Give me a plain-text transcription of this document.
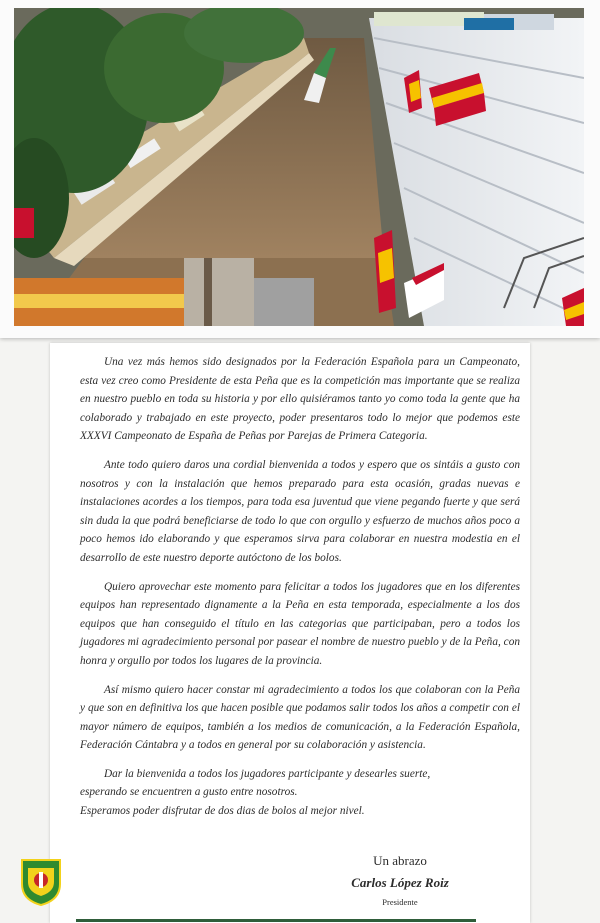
Una vez más hemos sido designados por la Federación Española para un Campeonato, esta vez creo como Presidente de esta Peña que es la competición mas importante que se realiza en nuestro pueblo en toda su historia y por ello quisiéramos tanto yo como toda la gente que ha colaborado y trabajado en este proyecto, poder presentaros todo lo mejor que podemos este XXXVI Campeonato de España de Peñas por Parejas de Primera Categoria.

Ante todo quiero daros una cordial bienvenida a todos y espero que os sintáis a gusto con nosotros y con la instalación que hemos preparado para esta ocasión, gradas nuevas e instalaciones acordes a los tiempos, para toda esa juventud que viene pegando fuerte y que será sin duda la que podrá beneficiarse de todo lo que con orgullo y esfuerzo de muchos años poco a poco hemos ido elaborando y que esperamos sirva para colaborar en nuestra modestia en el desarrollo de este nuestro deporte autóctono de los bolos.

Quiero aprovechar este momento para felicitar a todos los jugadores que en los diferentes equipos han representado dignamente a la Peña en esta temporada, especialmente a los dos equipos que han conseguido el título en las categorias que participaban, pero a todos los jugadores mi agradecimiento personal por pasear el nombre de nuestro pueblo y de la Peña, con honra y orgullo por todos los lugares de la provincia.

Así mismo quiero hacer constar mi agradecimiento a todos los que colaboran con la Peña y que son en definitiva los que hacen posible que podamos salir todos los años a competir con el mayor número de equipos, también a los medios de comunicación, a la Federación Española, Federación Cántabra y a todos en general por su colaboración y asistencia.

Dar la bienvenida a todos los jugadores participante y desearles suerte,
esperando se encuentren a gusto entre nosotros.
Esperamos poder disfrutar de dos dias de bolos al mejor nivel.

Un abrazo
Carlos López Roiz
Presidente
